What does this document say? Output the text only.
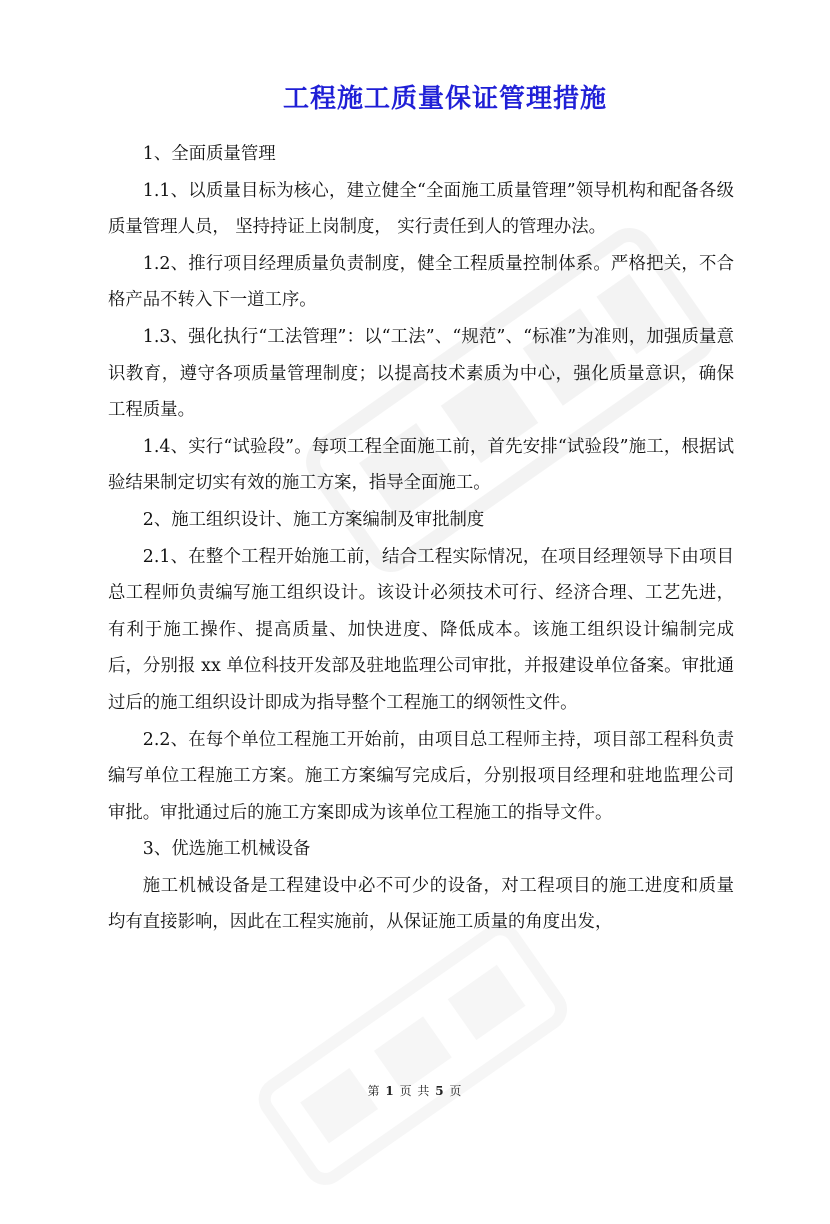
工程施工质量保证管理措施

1、全面质量管理

1.1、以质量目标为核心，建立健全“全面施工质量管理”领导机构和配备各级质量管理人员， 坚持持证上岗制度， 实行责任到人的管理办法。

1.2、推行项目经理质量负责制度，健全工程质量控制体系。严格把关，不合格产品不转入下一道工序。

1.3、强化执行“工法管理”：以“工法”、“规范”、“标准”为准则，加强质量意识教育，遵守各项质量管理制度；以提高技术素质为中心，强化质量意识，确保工程质量。

1.4、实行“试验段”。每项工程全面施工前，首先安排“试验段”施工，根据试验结果制定切实有效的施工方案，指导全面施工。

2、施工组织设计、施工方案编制及审批制度

2.1、在整个工程开始施工前，结合工程实际情况，在项目经理领导下由项目总工程师负责编写施工组织设计。该设计必须技术可行、经济合理、工艺先进，有利于施工操作、提高质量、加快进度、降低成本。该施工组织设计编制完成后，分别报 xx 单位科技开发部及驻地监理公司审批，并报建设单位备案。审批通过后的施工组织设计即成为指导整个工程施工的纲领性文件。

2.2、在每个单位工程施工开始前，由项目总工程师主持，项目部工程科负责编写单位工程施工方案。施工方案编写完成后，分别报项目经理和驻地监理公司审批。审批通过后的施工方案即成为该单位工程施工的指导文件。

3、优选施工机械设备

施工机械设备是工程建设中必不可少的设备，对工程项目的施工进度和质量均有直接影响，因此在工程实施前，从保证施工质量的角度出发，

第 1 页 共 5 页
